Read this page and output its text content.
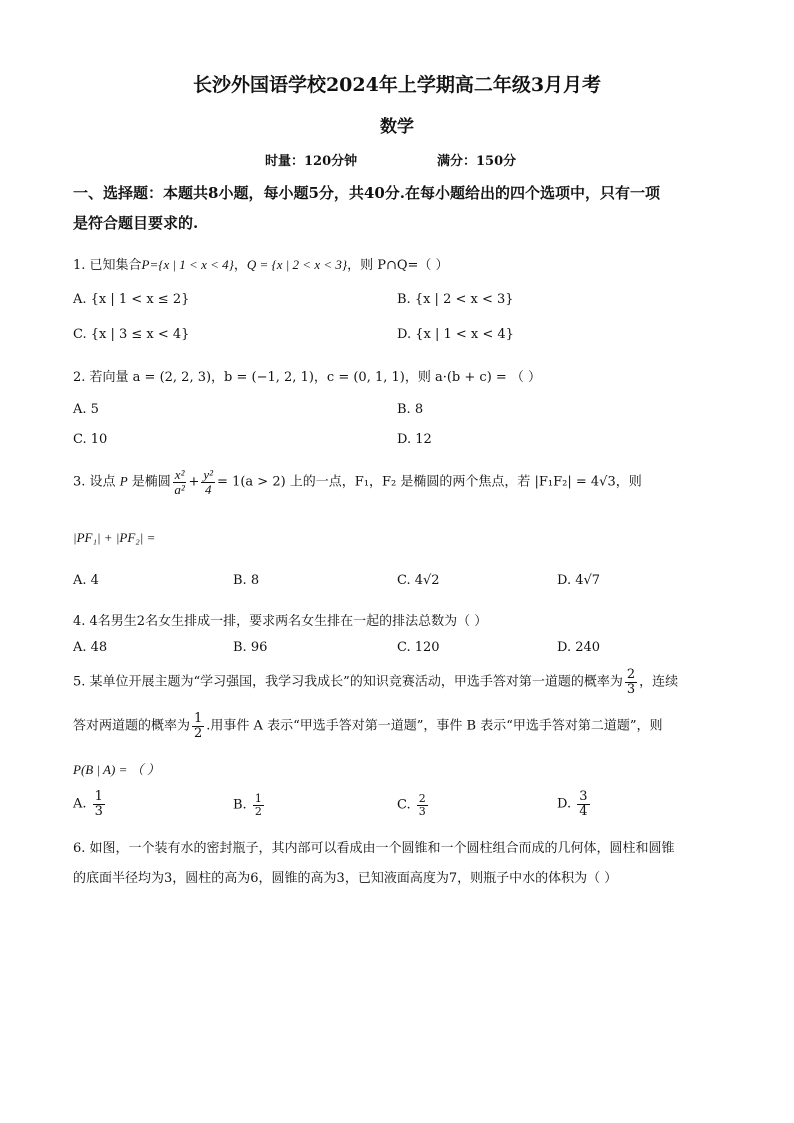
长沙外国语学校2024年上学期高二年级3月月考
数学
时量：120分钟	满分：150分
一、选择题：本题共8小题，每小题5分，共40分.在每小题给出的四个选项中，只有一项
是符合题目要求的.
1. 已知集合P={x | 1 < x < 4}，Q = {x | 2 < x < 3}，则 P∩Q=（ ）
A. {x | 1 < x ≤ 2}	B. {x | 2 < x < 3}
C. {x | 3 ≤ x < 4}	D. {x | 1 < x < 4}
2. 若向量 a = (2, 2, 3)，b = (−1, 2, 1)，c = (0, 1, 1)，则 a·(b + c) = （ ）
A. 5	B. 8
C. 10	D. 12
3. 设点 P 是椭圆 $\frac{\text{x²}}{\text{a²}} + \frac{\text{y²}}{4} = 1(a > 2)$ 上的一点，F₁，F₂ 是椭圆的两个焦点，若 |F₁F₂| = 4√3，则
|PF₁| + |PF₂| =
A. 4	B. 8	C. 4√2	D. 4√7
4. 4名男生2名女生排成一排，要求两名女生排在一起的排法总数为（ ）
A. 48	B. 96	C. 120	D. 240
5. 某单位开展主题为“学习强国，我学习我成长”的知识竞赛活动，甲选手答对第一道题的概率为 $\frac{2}{3}$ ，连续
答对两道题的概率为 $\frac{1}{2}$ .用事件 A 表示“甲选手答对第一道题”，事件 B 表示“甲选手答对第二道题”，则
P(B | A) = （ ）
A. $\frac{1}{3}$	B. $\frac{1}{2}$	C. $\frac{2}{3}$	D. $\frac{3}{4}$
6. 如图，一个装有水的密封瓶子，其内部可以看成由一个圆锥和一个圆柱组合而成的几何体，圆柱和圆锥
的底面半径均为3，圆柱的高为6，圆锥的高为3，已知液面高度为7，则瓶子中水的体积为（ ）
